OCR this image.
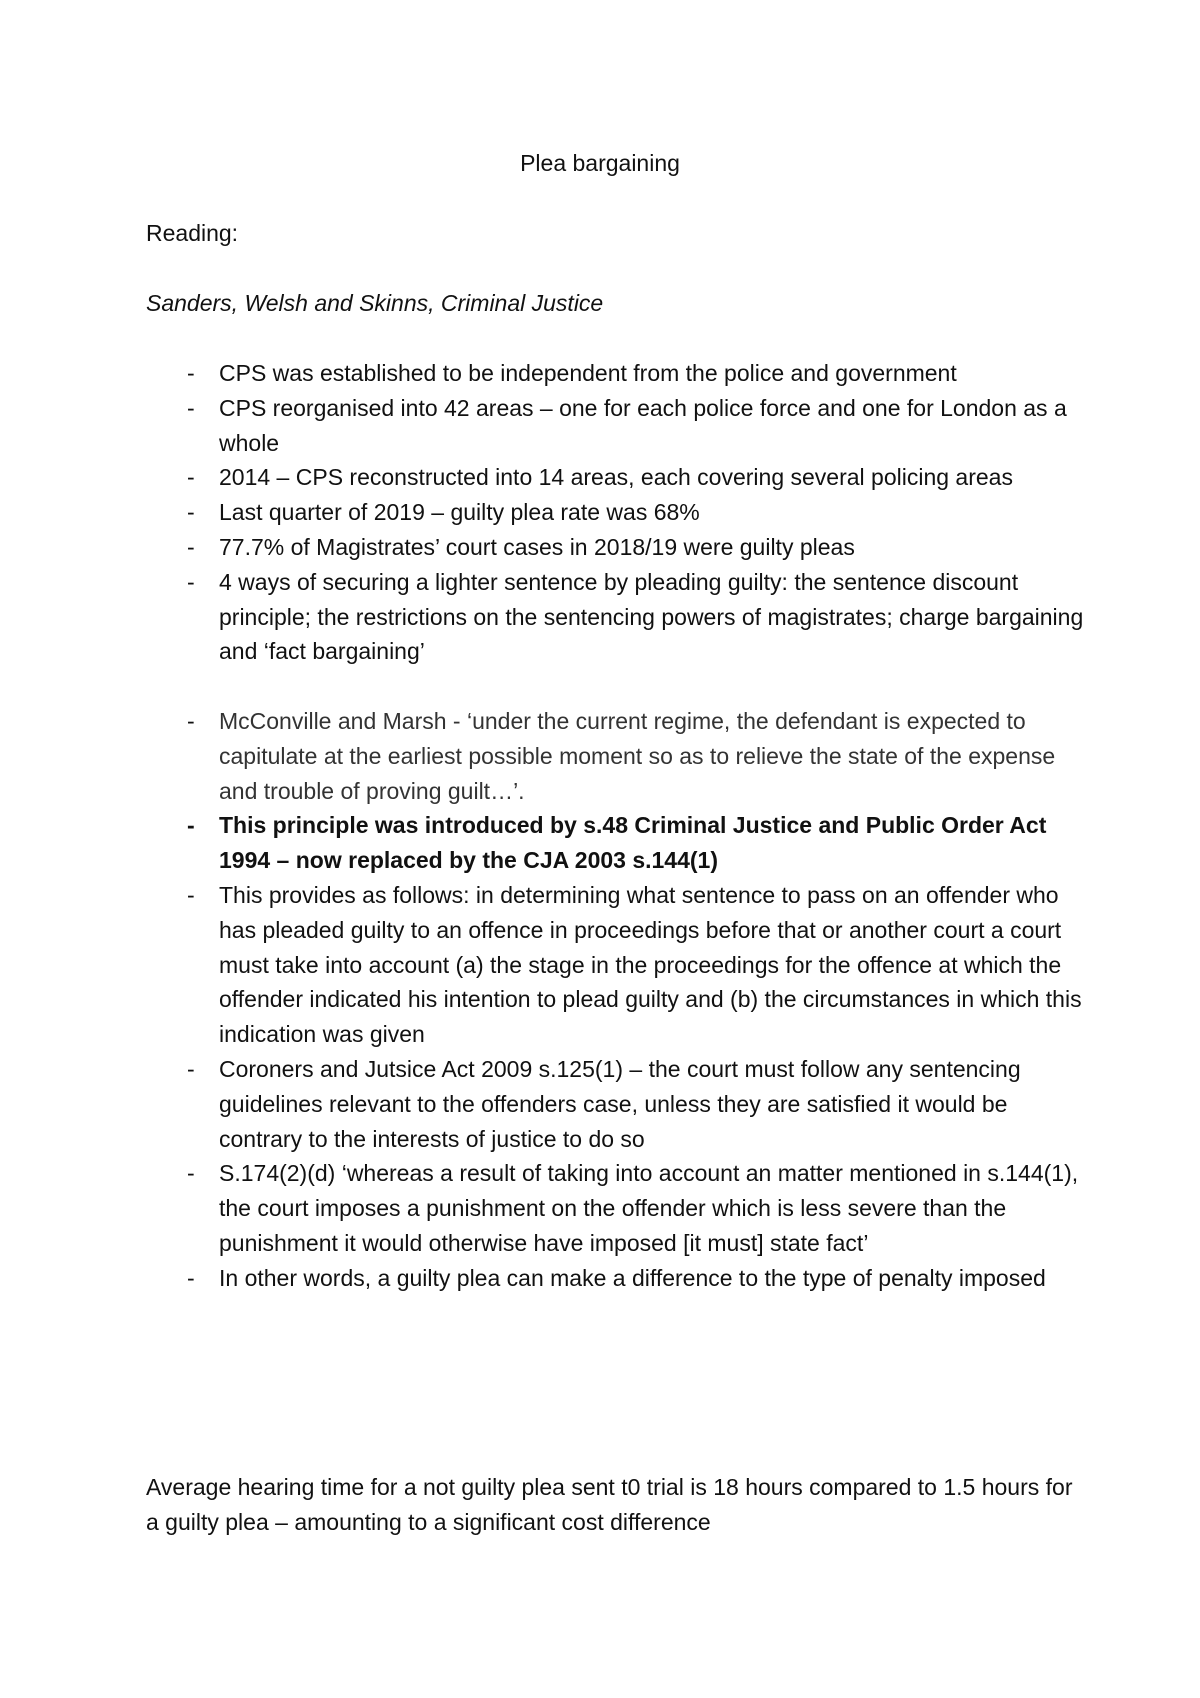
Plea bargaining
Reading:
Sanders, Welsh and Skinns, Criminal Justice
- CPS was established to be independent from the police and government
- CPS reorganised into 42 areas – one for each police force and one for London as a whole
- 2014 – CPS reconstructed into 14 areas, each covering several policing areas
- Last quarter of 2019 – guilty plea rate was 68%
- 77.7% of Magistrates’ court cases in 2018/19 were guilty pleas
- 4 ways of securing a lighter sentence by pleading guilty: the sentence discount principle; the restrictions on the sentencing powers of magistrates; charge bargaining and ‘fact bargaining’
- McConville and Marsh - ‘under the current regime, the defendant is expected to capitulate at the earliest possible moment so as to relieve the state of the expense and trouble of proving guilt…’.
- This principle was introduced by s.48 Criminal Justice and Public Order Act 1994 – now replaced by the CJA 2003 s.144(1)
- This provides as follows: in determining what sentence to pass on an offender who has pleaded guilty to an offence in proceedings before that or another court a court must take into account (a) the stage in the proceedings for the offence at which the offender indicated his intention to plead guilty and (b) the circumstances in which this indication was given
- Coroners and Jutsice Act 2009 s.125(1) – the court must follow any sentencing guidelines relevant to the offenders case, unless they are satisfied it would be contrary to the interests of justice to do so
- S.174(2)(d) ‘whereas a result of taking into account an matter mentioned in s.144(1), the court imposes a punishment on the offender which is less severe than the punishment it would otherwise have imposed [it must] state fact’
- In other words, a guilty plea can make a difference to the type of penalty imposed
Average hearing time for a not guilty plea sent t0 trial is 18 hours compared to 1.5 hours for a guilty plea – amounting to a significant cost difference
